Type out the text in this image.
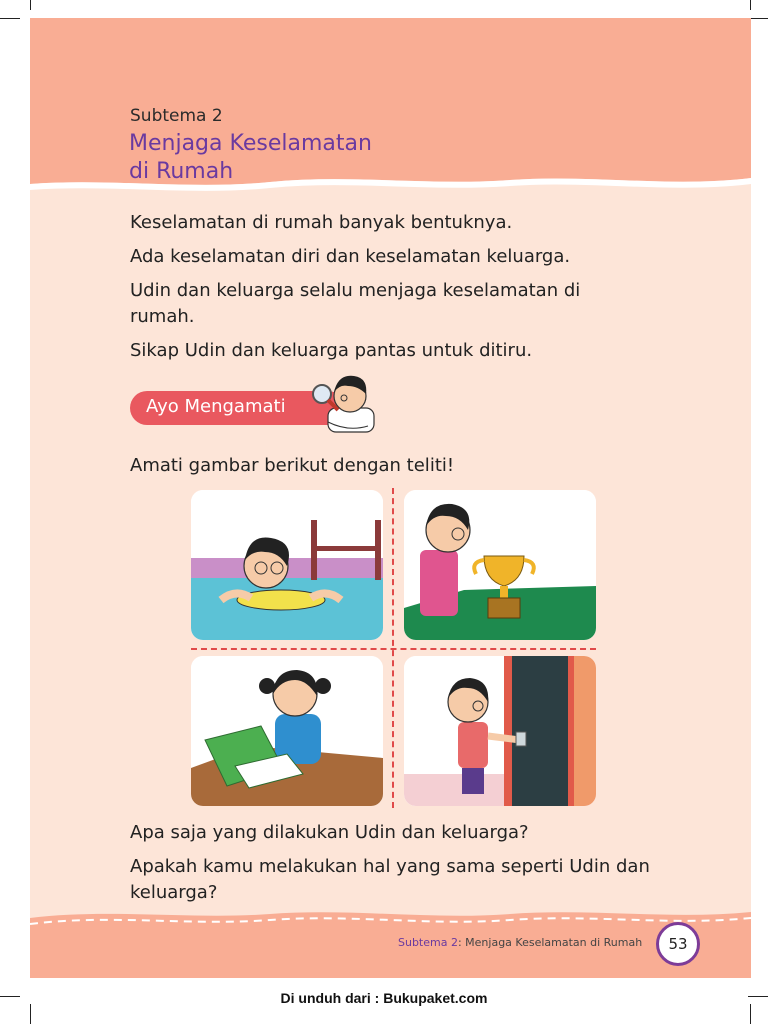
Subtema 2
Menjaga Keselamatan
di Rumah

Keselamatan di rumah banyak bentuknya.

Ada keselamatan diri dan keselamatan keluarga.

Udin dan keluarga selalu menjaga keselamatan di rumah.

Sikap Udin dan keluarga pantas untuk ditiru.

Ayo Mengamati
Amati gambar berikut dengan teliti!
Apa saja yang dilakukan Udin dan keluarga?
Apakah kamu melakukan hal yang sama seperti Udin dan keluarga?
Subtema 2: Menjaga Keselamatan di Rumah	53
Di unduh dari : Bukupaket.com
